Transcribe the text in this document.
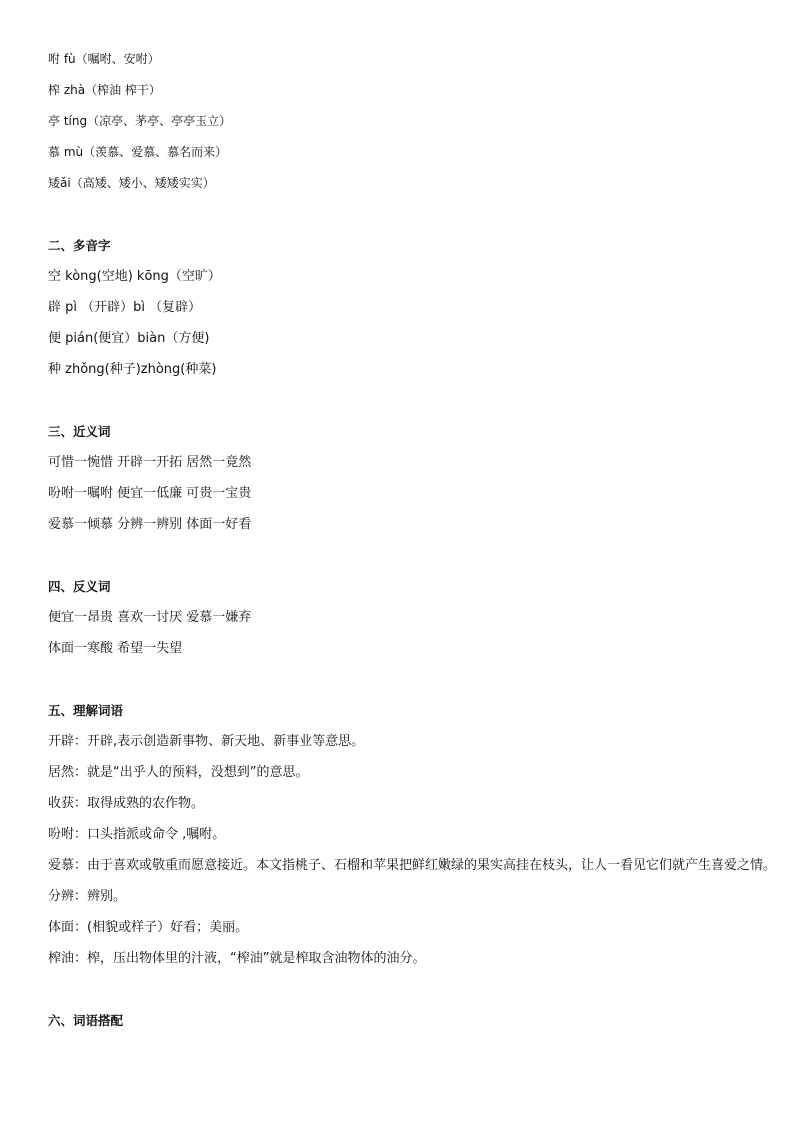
咐 fù（嘱咐、安咐）
榨 zhà（榨油 榨干）
亭 tíng（凉亭、茅亭、亭亭玉立）
慕 mù（羡慕、爱慕、慕名而来）
矮ǎi（高矮、矮小、矮矮实实）
二、多音字
空 kòng(空地) kōng（空旷）
辟 pì （开辟）bì （复辟）
便 pián(便宜）biàn（方便)
种 zhǒng(种子)zhòng(种菜)
三、近义词
可惜一惋惜 开辟一开拓 居然一竟然
吩咐一嘱咐 便宜一低廉 可贵一宝贵
爱慕一倾慕 分辨一辨别 体面一好看
四、反义词
便宜一昂贵 喜欢一讨厌 爱慕一嫌弃
体面一寒酸 希望一失望
五、理解词语
开辟：开辟,表示创造新事物、新天地、新事业等意思。
居然：就是“出乎人的预料，没想到”的意思。
收获：取得成熟的农作物。
吩咐：口头指派或命令 ,嘱咐。
爱慕：由于喜欢或敬重而愿意接近。本文指桃子、石榴和苹果把鲜红嫩绿的果实高挂在枝头，让人一看见它们就产生喜爱之情。
分辨：辨别。
体面：(相貌或样子）好看；美丽。
榨油：榨，压出物体里的汁液，“榨油”就是榨取含油物体的油分。
六、词语搭配
